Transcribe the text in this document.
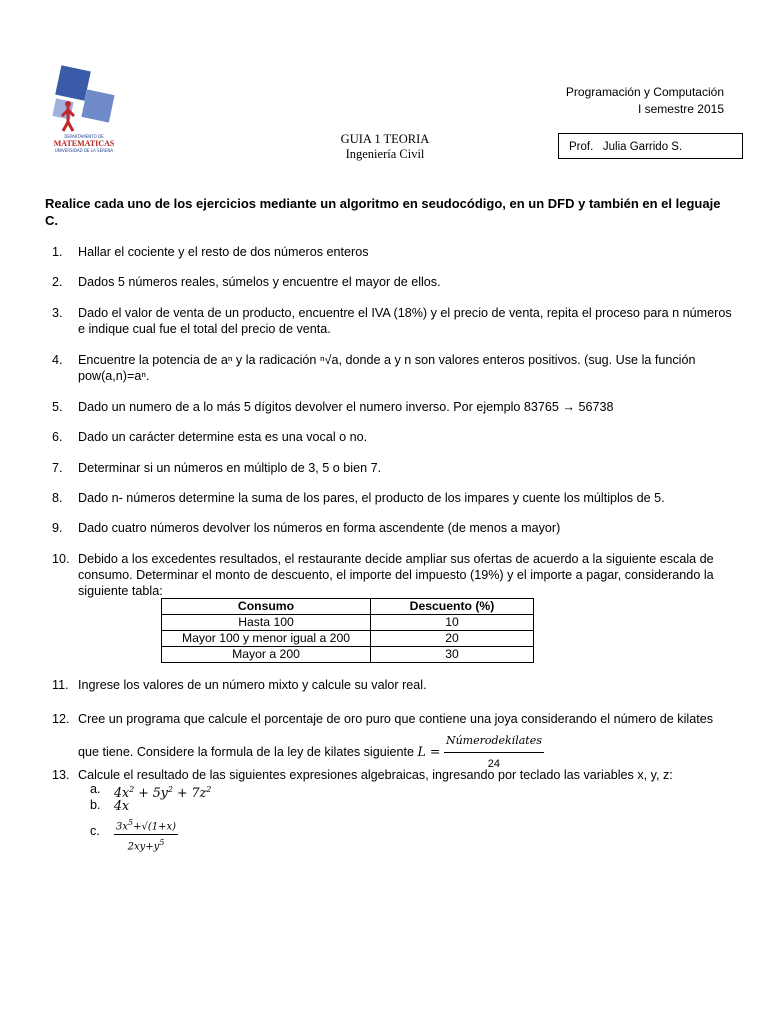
DEPARTAMENTO DE
MATEMATICAS
UNIVERSIDAD DE LA SERENA
Programación y Computación
I semestre 2015
GUIA 1 TEORIA
Ingeniería Civil	Prof. Julia Garrido S.
Realice cada uno de los ejercicios mediante un algoritmo en seudocódigo, en un DFD y también en el leguaje C.
1.	Hallar el cociente y el resto de dos números enteros
2.	Dados 5 números reales, súmelos y encuentre el mayor de ellos.
3.	Dado el valor de venta de un producto, encuentre el IVA (18%) y el precio de venta, repita el proceso para n números e indique cual fue el total del precio de venta.
4.	Encuentre la potencia de aⁿ y la radicación ⁿ√a, donde a y n son valores enteros positivos. (sug. Use la función pow(a,n)=aⁿ.
5.	Dado un numero de a lo más 5 dígitos devolver el numero inverso. Por ejemplo 83765 → 56738
6.	Dado un carácter determine esta es una vocal o no.
7.	Determinar si un números en múltiplo de 3, 5 o bien 7.
8.	Dado n- números determine la suma de los pares, el producto de los impares y cuente los múltiplos de 5.
9.	Dado cuatro números devolver los números en forma ascendente (de menos a mayor)
10. Debido a los excedentes resultados, el restaurante decide ampliar sus ofertas de acuerdo a la siguiente escala de consumo. Determinar el monto de descuento, el importe del impuesto (19%) y el importe a pagar, considerando la siguiente tabla:
Consumo	Descuento (%)
Hasta 100	10
Mayor 100 y menor igual a 200	20
Mayor a 200	30
11. Ingrese los valores de un número mixto y calcule su valor real.
12. Cree un programa que calcule el porcentaje de oro puro que contiene una joya considerando el número de kilates que tiene. Considere la formula de la ley de kilates siguiente $L = \frac{\text{Númerodekilates}}{24}$
13. Calcule el resultado de las siguientes expresiones algebraicas, ingresando por teclado las variables x, y, z:
a.	$4x^2 + 5y^2 + 7z^2$
b.	4x
c.	$\frac{3x^5+√(1+x)}{2xy+y^5}$
